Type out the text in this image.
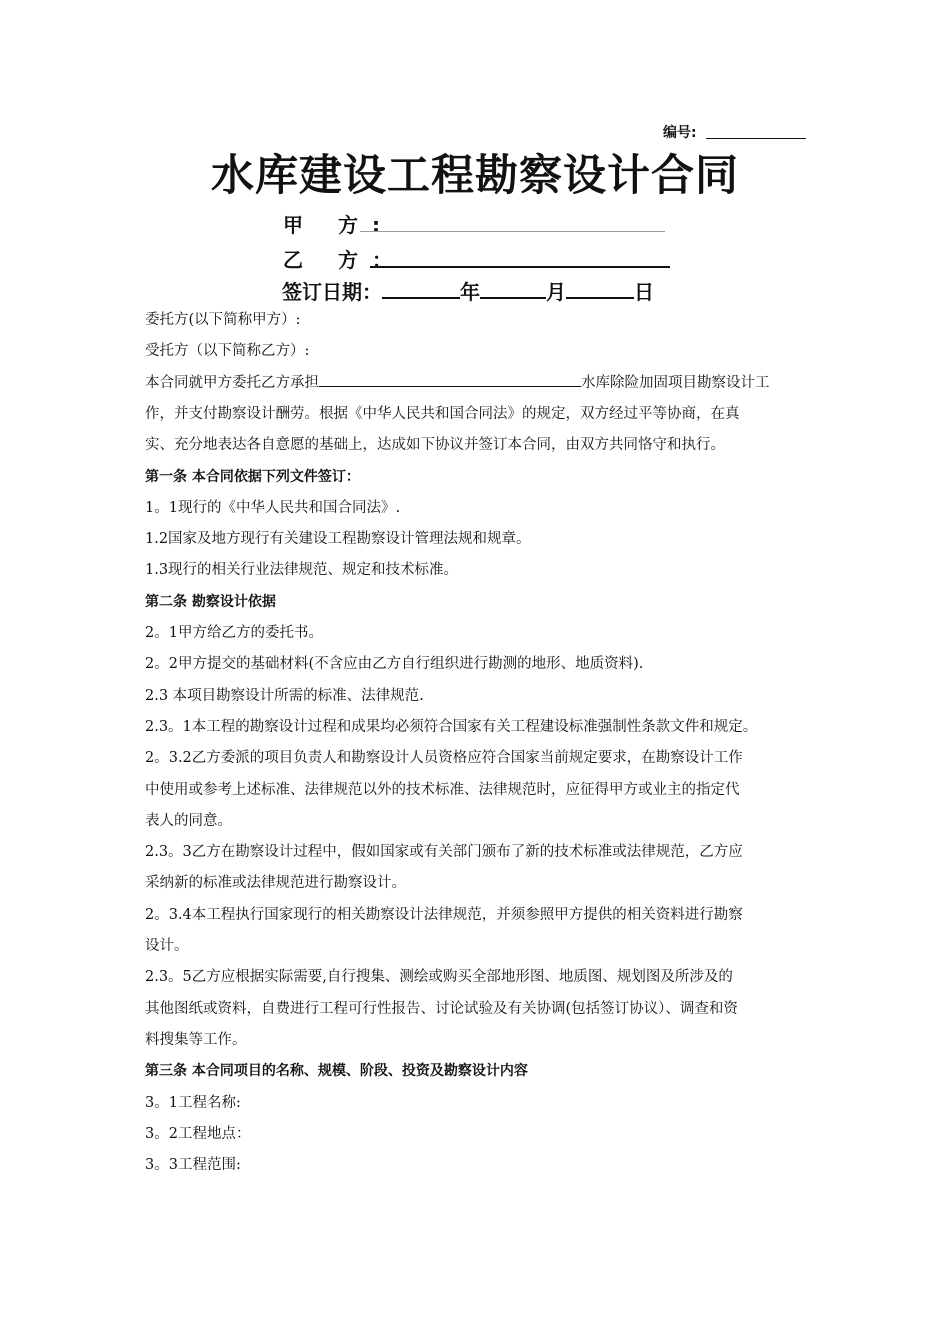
编号:
水库建设工程勘察设计合同
甲 方:
乙 方：
签订日期：	年	月	日
委托方(以下简称甲方）:
受托方（以下简称乙方）:
本合同就甲方委托乙方承担	水库除险加固项目勘察设计工
作，并支付勘察设计酬劳。根据《中华人民共和国合同法》的规定，双方经过平等协商，在真
实、充分地表达各自意愿的基础上，达成如下协议并签订本合同，由双方共同恪守和执行。
第一条 本合同依据下列文件签订：
1。1现行的《中华人民共和国合同法》.
1.2国家及地方现行有关建设工程勘察设计管理法规和规章。
1.3现行的相关行业法律规范、规定和技术标准。
第二条 勘察设计依据
2。1甲方给乙方的委托书。
2。2甲方提交的基础材料(不含应由乙方自行组织进行勘测的地形、地质资料).
2.3 本项目勘察设计所需的标准、法律规范.
2.3。1本工程的勘察设计过程和成果均必须符合国家有关工程建设标准强制性条款文件和规定。
2。3.2乙方委派的项目负责人和勘察设计人员资格应符合国家当前规定要求，在勘察设计工作
中使用或参考上述标准、法律规范以外的技术标准、法律规范时，应征得甲方或业主的指定代
表人的同意。
2.3。3乙方在勘察设计过程中，假如国家或有关部门颁布了新的技术标准或法律规范，乙方应
采纳新的标准或法律规范进行勘察设计。
2。3.4本工程执行国家现行的相关勘察设计法律规范，并须参照甲方提供的相关资料进行勘察
设计。
2.3。5乙方应根据实际需要,自行搜集、测绘或购买全部地形图、地质图、规划图及所涉及的
其他图纸或资料，自费进行工程可行性报告、讨论试验及有关协调(包括签订协议）、调查和资
料搜集等工作。
第三条 本合同项目的名称、规模、阶段、投资及勘察设计内容
3。1工程名称:
3。2工程地点：
3。3工程范围:
